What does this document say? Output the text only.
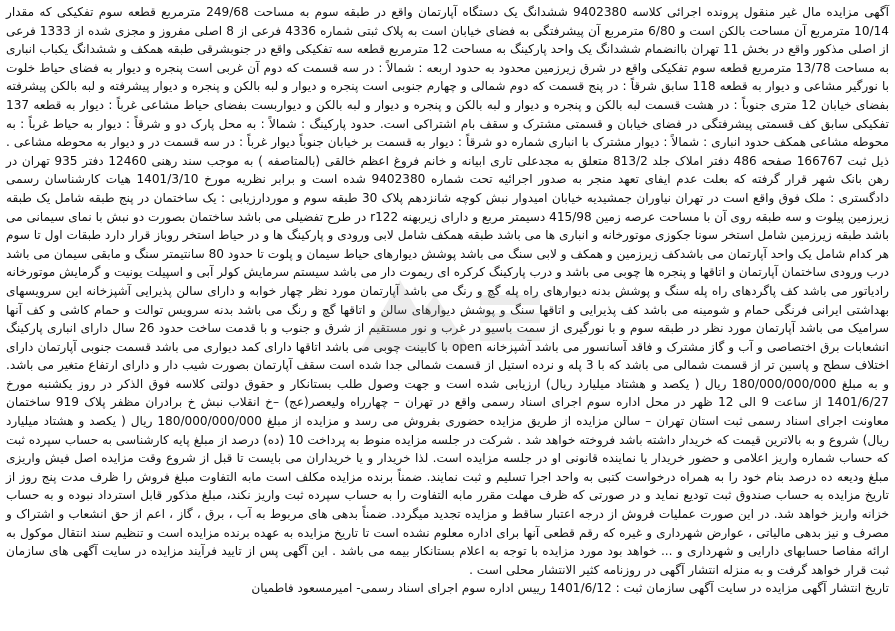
آگهی مزایده مال غیر منقول پرونده اجرائی کلاسه 9402380 ششدانگ یک دستگاه آپارتمان واقع در طبقه سوم به مساحت 249/68 مترمربع قطعه سوم تفکیکی که مقدار 10/14 مترمربع آن مساحت بالکن است و 6/80 مترمربع آن پیشرفتگی به فضای خیابان است به پلاک ثبتی شماره 4336 فرعی از 8 اصلی مفروز و مجزی شده از 1333 فرعی از اصلی مذکور واقع در بخش 11 تهران باانضمام ششدانگ یک واحد پارکینگ به مساحت 12 مترمربع قطعه سه تفکیکی واقع در جنوبشرقی طبقه همکف و ششدانگ یکباب انباری به مساحت 13/78 مترمربع قطعه سوم تفکیکی واقع در شرق زیرزمین محدود به حدود اربعه : شمالاً : در سه قسمت که دوم آن غربی است پنجره و دیوار به فضای حیاط خلوت با نورگیر مشاعی و دیوار به قطعه 118 سابق شرقاً : در پنج قسمت که دوم شمالی و چهارم جنوبی است پنجره و دیوار و لبه بالکن و پنجره و دیوار پیشرفته و لبه بالکن پیشرفته بفضای خیابان 12 متری جنوباً : در هشت قسمت لبه بالکن و پنجره و دیوار و لبه بالکن و پنجره و دیوار و لبه بالکن و دیواربست بفضای حیاط مشاعی غرباً : دیوار به قطعه 137 تفکیکی سابق کف قسمتی پیشرفتگی در فضای خیابان و قسمتی مشترک و سقف بام اشتراکی است. حدود پارکینگ : شمالاً : به محل پارک دو و شرقاً : دیوار به حیاط غرباً : به محوطه مشاعی همکف حدود انباری : شمالاً : دیوار مشترک با انباری شماره دو شرقاً : دیوار به قسمت بر خیابان جنوباً دیوار غرباً : در سه قسمت در و دیوار به محوطه مشاعی . ذیل ثبت 166767 صفحه 486 دفتر املاک جلد 813/2 متعلق به مجدعلی تاری ابیانه و خانم فروغ اعظم خالقی (بالمتاصفه ) به موجب سند رهنی 12460 دفتر 935 تهران در رهن بانک شهر قرار گرفته که بعلت عدم ایفای تعهد منجر به صدور اجرائیه تحت شماره 9402380 شده است و برابر نظریه مورخ 1401/3/10 هیات کارشناسان رسمی دادگستری : ملک فوق واقع است در تهران نیاوران جمشیدیه خیابان امیدوار نبش کوچه شانزدهم پلاک 30 طبقه سوم و موردارزیابی : یک ساختمان در پنج طبقه شامل یک طبقه زیرزمین پیلوت و سه طبقه روی آن با مساحت عرصه زمین 415/98 دسیمتر مربع و دارای زیربهنه r122 در طرح تفضیلی می باشد ساختمان بصورت دو نبش با نمای سیمانی می باشد طبقه زیرزمین شامل استخر سونا جکوزی موتورخانه و انباری ها می باشد طبقه همکف شامل لابی ورودی و پارکینگ ها و در حیاط استخر روباز قرار دارد طبقات اول تا سوم هر کدام شامل یک واحد آپارتمان می باشدکف زیرزمین و همکف و لابی سنگ می باشد پوشش دیوارهای حیاط سیمان و پلوت تا حدود 80 سانتیمتر سنگ و مابقی سیمان می باشد درب ورودی ساختمان آپارتمان و اتاقها و پنجره ها چوبی می باشد و درب پارکینگ کرکره ای ریموت دار می باشد سیستم سرمایش کولر آبی و اسپیلت یونیت و گرمایش موتورخانه رادیاتور می باشد کف پاگردهای راه پله سنگ و پوشش بدنه دیوارهای راه پله گچ و رنگ می باشد آپارتمان مورد نظر چهار خوابه و دارای سالن پذیرایی آشپزخانه این سرویسهای بهداشتی ایرانی فرنگی حمام و شومینه می باشد کف پذیرایی و اتاقها سنگ و پوشش دیوارهای سالن و اتاقها گچ و رنگ می باشد بدنه سرویس توالت و حمام کاشی و کف آنها سرامیک می باشد آپارتمان مورد نظر در طبقه سوم و با نورگیری از سمت باسیو در غرب و نور مستقیم از شرق و جنوب و با قدمت ساخت حدود 26 سال دارای انباری پارکینگ انشعابات برق اختصاصی و آب و گاز مشترک و فاقد آسانسور می باشد آشپزخانه open با کابینت چوبی می باشد اتاقها دارای کمد دیواری می باشد قسمت جنوبی آپارتمان دارای اختلاف سطح و پاسین تر از قسمت شمالی می باشد که با 3 پله و نرده استیل از قسمت شمالی جدا شده است سقف آپارتمان بصورت شیب دار و دارای ارتفاع متغیر می باشد. و به مبلغ 180/000/000/000 ریال ( یکصد و هشتاد میلیارد ریال) ارزیابی شده است و جهت وصول طلب بستانکار و حقوق دولتی کلاسه فوق الذکر در روز یکشنبه مورخ 1401/6/27 از ساعت 9 الی 12 ظهر در محل اداره سوم اجرای اسناد رسمی واقع در تهران – چهارراه ولیعصر(عج) –خ انقلاب نبش خ برادران مظفر پلاک 919 ساختمان معاونت اجرای اسناد رسمی ثبت استان تهران – سالن مزایده از طریق مزایده حضوری بفروش می رسد و مزایده از مبلغ 180/000/000/000 ریال ( یکصد و هشتاد میلیارد ریال) شروع و به بالاترین قیمت که خریدار داشته باشد فروخته خواهد شد . شرکت در جلسه مزایده منوط به پرداخت 10 (ده) درصد از مبلغ پایه کارشناسی به حساب سپرده ثبت که حساب شماره واریز اعلامی و حضور خریدار یا نماینده قانونی او در جلسه مزایده است. لذا خریدار و یا خریداران می بایست تا قبل از شروع وقت مزایده اصل فیش واریزی مبلغ ودیعه ده درصد بنام خود را به همراه درخواست کتبی به واحد اجرا تسلیم و ثبت نمایند. ضمناً برنده مزایده مکلف است مابه التفاوت مبلغ فروش را ظرف مدت پنج روز از تاریخ مزایده به حساب صندوق ثبت تودیع نماید و در صورتی که ظرف مهلت مقرر مابه التفاوت را به حساب سپرده ثبت واریز نکند، مبلغ مذکور قابل استرداد نبوده و به حساب خزانه واریز خواهد شد. در این صورت عملیات فروش از درجه اعتبار ساقط و مزایده تجدید میگردد. ضمناً بدهی های مربوط به آب ، برق ، گاز ، اعم از حق انشعاب و اشتراک و مصرف و نیز بدهی مالیاتی ، عوارض شهرداری و غیره که رقم قطعی آنها برای اداره معلوم نشده است تا تاریخ مزایده به عهده برنده مزایده است و تنظیم سند انتقال موکول به ارائه مفاصا حسابهای دارایی و شهرداری و ... خواهد بود مورد مزایده با توجه به اعلام بستانکار بیمه می باشد . این آگهی پس از تایید فرآیند مزایده در سایت آگهی های سازمان ثبت قرار خواهد گرفت و به منزله انتشار آگهی در روزنامه کثیر الانتشار محلی است .

تاریخ انتشار آگهی مزایده در سایت آگهی سازمان ثبت : 1401/6/12 رییس اداره سوم اجرای اسناد رسمی- امیرمسعود فاطمیان
